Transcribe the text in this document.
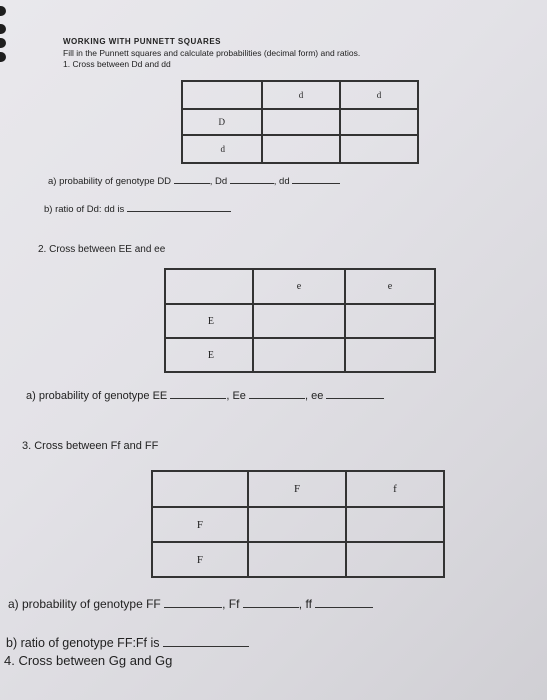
WORKING WITH PUNNETT SQUARES
Fill in the Punnett squares and calculate probabilities (decimal form) and ratios.
1. Cross between Dd and dd
	d	d
D		
d		
a) probability of genotype DD	, Dd	, dd
b) ratio of Dd: dd is
2. Cross between EE and ee
	e	e
E		
E		
a) probability of genotype EE	, Ee	, ee
3. Cross between Ff and FF
	F	f
F		
F		
a) probability of genotype FF	, Ff	, ff
b) ratio of genotype FF:Ff is
4. Cross between Gg and Gg
